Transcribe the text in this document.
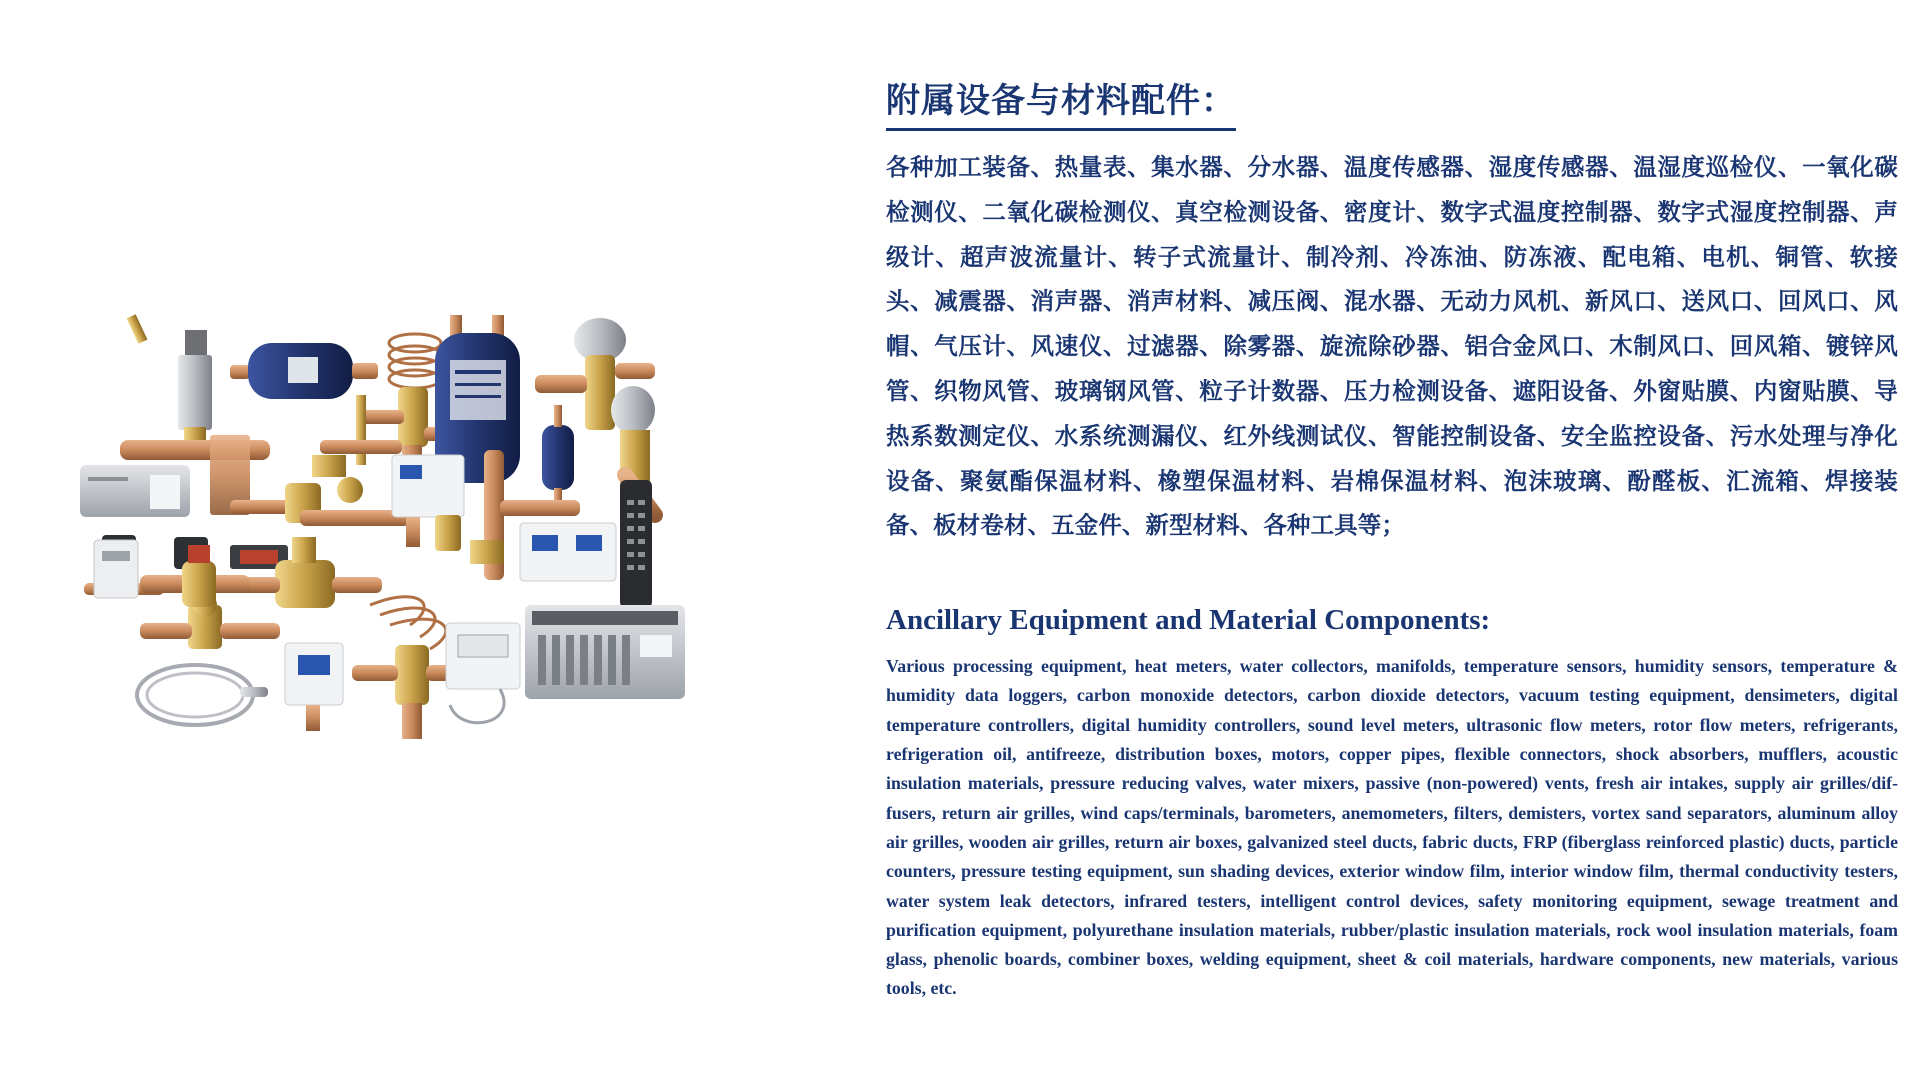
附属设备与材料配件：

各种加工装备、热量表、集水器、分水器、温度传感器、湿度传感器、温湿度巡检仪、一氧化碳检测仪、二氧化碳检测仪、真空检测设备、密度计、数字式温度控制器、数字式湿度控制器、声级计、超声波流量计、转子式流量计、制冷剂、冷冻油、防冻液、配电箱、电机、铜管、软接头、减震器、消声器、消声材料、减压阀、混水器、无动力风机、新风口、送风口、回风口、风帽、气压计、风速仪、过滤器、除雾器、旋流除砂器、铝合金风口、木制风口、回风箱、镀锌风管、织物风管、玻璃钢风管、粒子计数器、压力检测设备、遮阳设备、外窗贴膜、内窗贴膜、导热系数测定仪、水系统测漏仪、红外线测试仪、智能控制设备、安全监控设备、污水处理与净化设备、聚氨酯保温材料、橡塑保温材料、岩棉保温材料、泡沫玻璃、酚醛板、汇流箱、焊接装备、板材卷材、五金件、新型材料、各种工具等；

Ancillary Equipment and Material Components:

Various processing equipment, heat meters, water collectors, manifolds, temperature sensors, humidity sensors, temperature & humidity data loggers, carbon monoxide detectors, carbon dioxide detectors, vacuum testing equipment, densimeters, digital temperature controllers, digital humidity controllers, sound level meters, ultrasonic flow meters, rotor flow meters, refrigerants, refrigeration oil, antifreeze, distribution boxes, motors, copper pipes, flexible connectors, shock absorbers, mufflers, acoustic insulation materials, pressure reducing valves, water mixers, passive (non-powered) vents, fresh air intakes, supply air grilles/diffusers, return air grilles, wind caps/terminals, barometers, anemometers, filters, demisters, vortex sand separators, aluminum alloy air grilles, wooden air grilles, return air boxes, galvanized steel ducts, fabric ducts, FRP (fiberglass reinforced plastic) ducts, particle counters, pressure testing equipment, sun shading devices, exterior window film, interior window film, thermal conductivity testers, water system leak detectors, infrared testers, intelligent control devices, safety monitoring equipment, sewage treatment and purification equipment, polyurethane insulation materials, rubber/plastic insulation materials, rock wool insulation materials, foam glass, phenolic boards, combiner boxes, welding equipment, sheet & coil materials, hardware components, new materials, various tools, etc.
